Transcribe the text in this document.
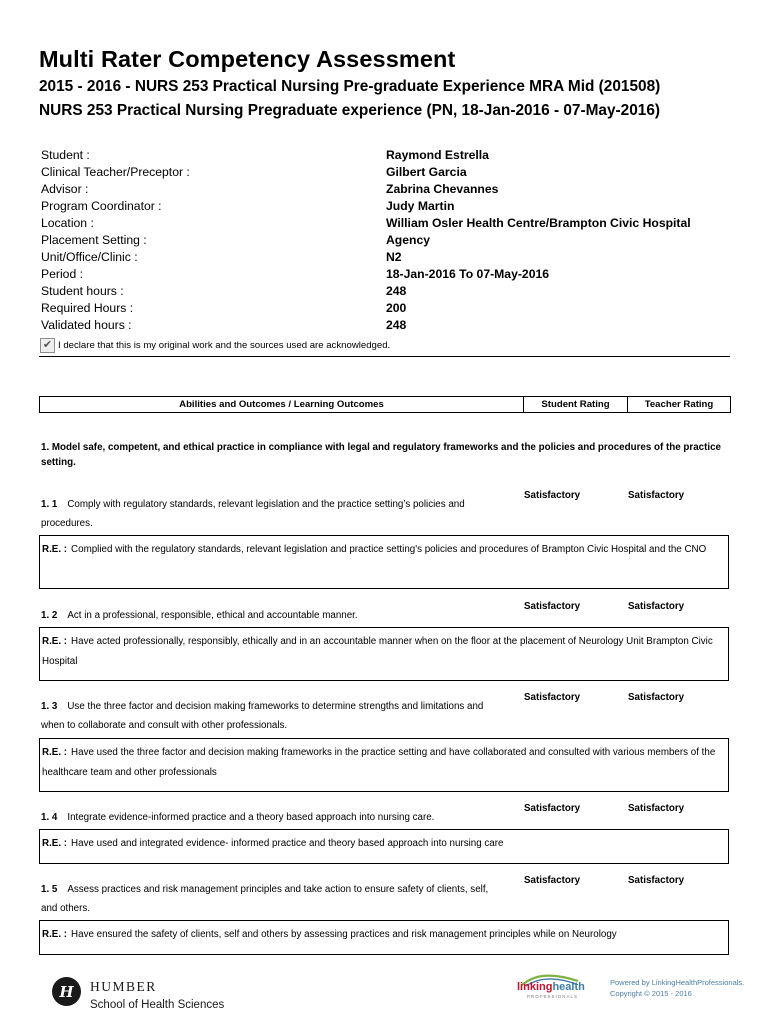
Multi Rater Competency Assessment

2015 - 2016 - NURS 253 Practical Nursing Pre-graduate Experience MRA Mid (201508)

NURS 253 Practical Nursing Pregraduate experience (PN, 18-Jan-2016 - 07-May-2016)

Student :	Raymond Estrella
Clinical Teacher/Preceptor :	Gilbert Garcia
Advisor :	Zabrina Chevannes
Program Coordinator :	Judy Martin
Location :	William Osler Health Centre/Brampton Civic Hospital
Placement Setting :	Agency
Unit/Office/Clinic :	N2
Period :	18-Jan-2016 To 07-May-2016
Student hours :	248
Required Hours :	200
Validated hours :	248
✔ I declare that this is my original work and the sources used are acknowledged.
Abilities and Outcomes / Learning Outcomes	Student Rating	Teacher Rating
1. Model safe, competent, and ethical practice in compliance with legal and regulatory frameworks and the policies and procedures of the practice setting.
1. 1 Comply with regulatory standards, relevant legislation and the practice setting’s policies and procedures.
Satisfactory	Satisfactory
R.E. : Complied with the regulatory standards, relevant legislation and practice setting's policies and procedures of Brampton Civic Hospital and the CNO
1. 2 Act in a professional, responsible, ethical and accountable manner.
Satisfactory	Satisfactory
R.E. : Have acted professionally, responsibly, ethically and in an accountable manner when on the floor at the placement of Neurology Unit Brampton Civic Hospital
1. 3 Use the three factor and decision making frameworks to determine strengths and limitations and when to collaborate and consult with other professionals.
Satisfactory	Satisfactory
R.E. : Have used the three factor and decision making frameworks in the practice setting and have collaborated and consulted with various members of the healthcare team and other professionals
1. 4 Integrate evidence-informed practice and a theory based approach into nursing care.
Satisfactory	Satisfactory
R.E. : Have used and integrated evidence- informed practice and theory based approach into nursing care
1. 5 Assess practices and risk management principles and take action to ensure safety of clients, self, and others.
Satisfactory	Satisfactory
R.E. : Have ensured the safety of clients, self and others by assessing practices and risk management principles while on Neurology
H	HUMBER
School of Health Sciences
linkinghealth
PROFESSIONALS
Powered by LinkingHealthProfessionals.
Copyright © 2015 - 2016
